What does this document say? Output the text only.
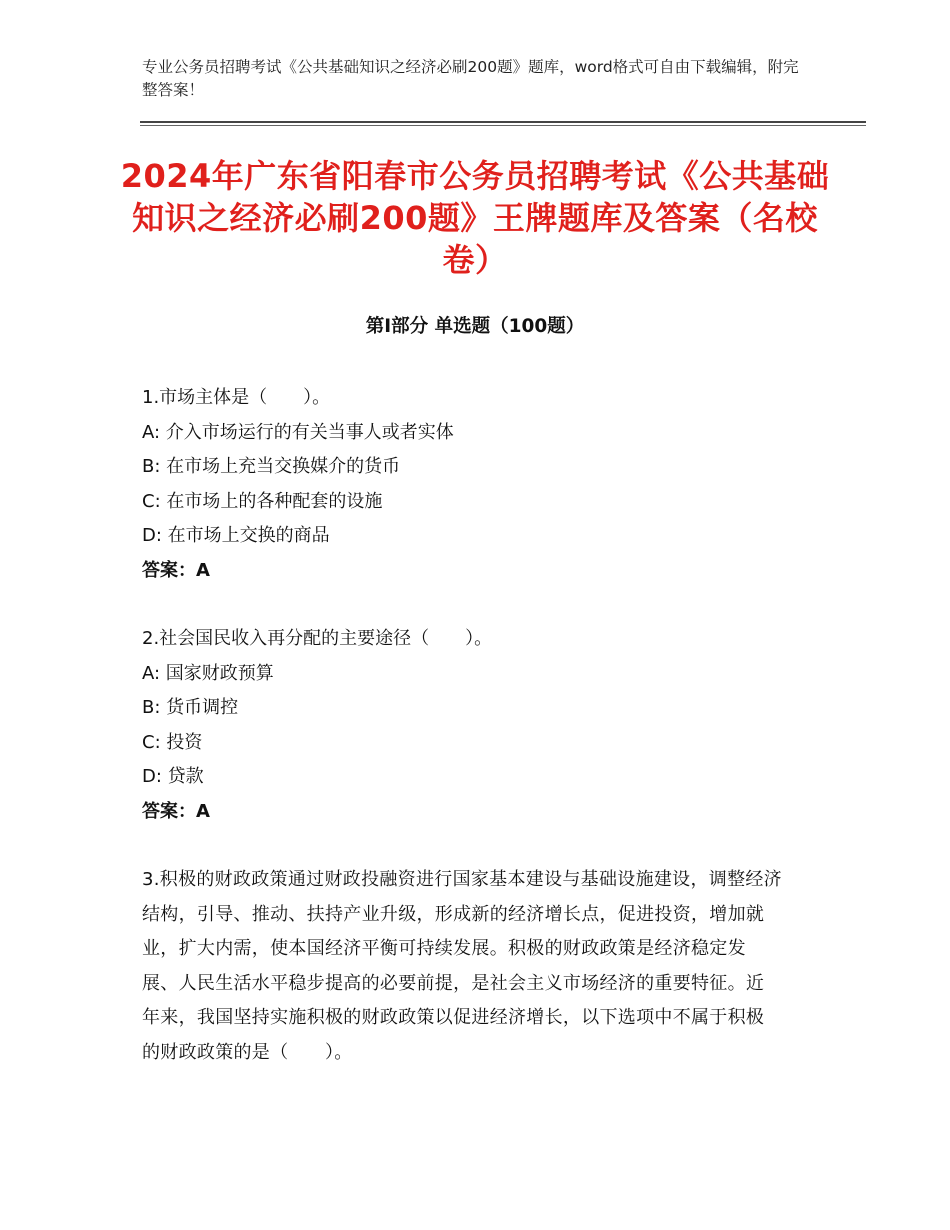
专业公务员招聘考试《公共基础知识之经济必刷200题》题库，word格式可自由下载编辑，附完整答案！
2024年广东省阳春市公务员招聘考试《公共基础知识之经济必刷200题》王牌题库及答案（名校卷）
第Ⅰ部分 单选题（100题）
1.市场主体是（　　）。
A: 介入市场运行的有关当事人或者实体
B: 在市场上充当交换媒介的货币
C: 在市场上的各种配套的设施
D: 在市场上交换的商品
答案：A
2.社会国民收入再分配的主要途径（　　）。
A: 国家财政预算
B: 货币调控
C: 投资
D: 贷款
答案：A
3.积极的财政政策通过财政投融资进行国家基本建设与基础设施建设，调整经济结构，引导、推动、扶持产业升级，形成新的经济增长点，促进投资，增加就业，扩大内需，使本国经济平衡可持续发展。积极的财政政策是经济稳定发展、人民生活水平稳步提高的必要前提，是社会主义市场经济的重要特征。近年来，我国坚持实施积极的财政政策以促进经济增长，以下选项中不属于积极的财政政策的是（　　）。
